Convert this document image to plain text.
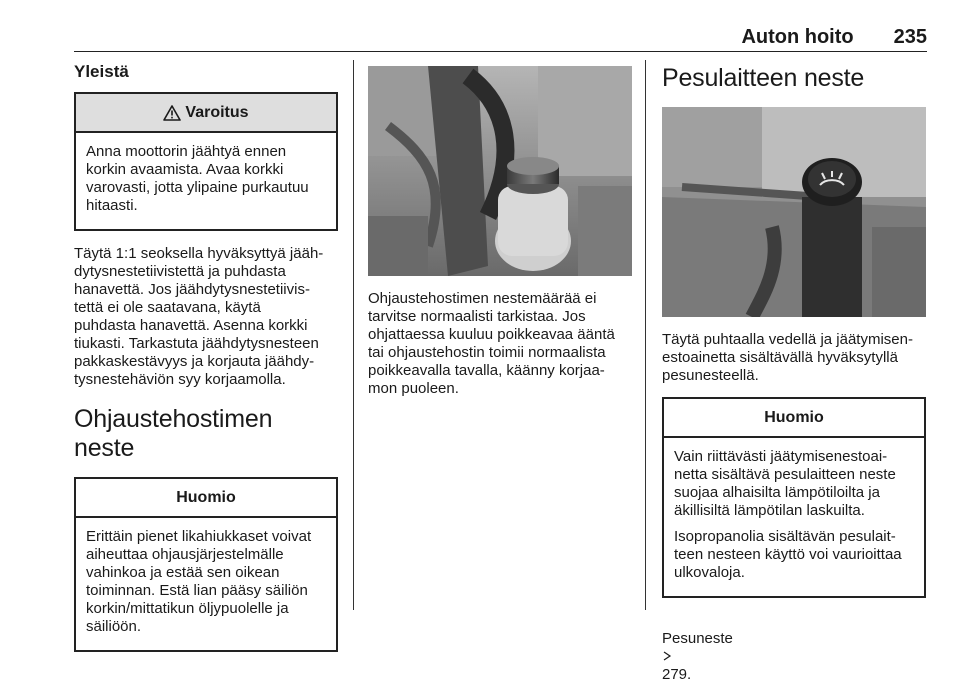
Auton hoito 235
Yleistä
Varoitus
Anna moottorin jäähtyä ennen
korkin avaamista. Avaa korkki
varovasti, jotta ylipaine purkautuu
hitaasti.
Täytä 1:1 seoksella hyväksyttyä jääh-
dytysnestetiivistettä ja puhdasta
hanavettä. Jos jäähdytysnestetiivis-
tettä ei ole saatavana, käytä
puhdasta hanavettä. Asenna korkki
tiukasti. Tarkastuta jäähdytysnesteen
pakkaskestävyys ja korjauta jäähdy-
tysnestehäviön syy korjaamolla.
Ohjaustehostimen neste
Huomio
Erittäin pienet likahiukkaset voivat
aiheuttaa ohjausjärjestelmälle
vahinkoa ja estää sen oikean
toiminnan. Estä lian pääsy säiliön
korkin/mittatikun öljypuolelle ja
säiliöön.
Ohjaustehostimen nestemäärää ei
tarvitse normaalisti tarkistaa. Jos
ohjattaessa kuuluu poikkeavaa ääntä
tai ohjaustehostin toimii normaalista
poikkeavalla tavalla, käänny korjaa-
mon puoleen.
Pesulaitteen neste
Täytä puhtaalla vedellä ja jäätymisen-
estoainetta sisältävällä hyväksytyllä
pesunesteellä.
Huomio
Vain riittävästi jäätymisenestoai-
netta sisältävä pesulaitteen neste
suojaa alhaisilta lämpötiloilta ja
äkillisiltä lämpötilan laskuilta.
Isopropanolia sisältävän pesulait-
teen nesteen käyttö voi vaurioittaa
ulkovaloja.

Pesuneste

279.
